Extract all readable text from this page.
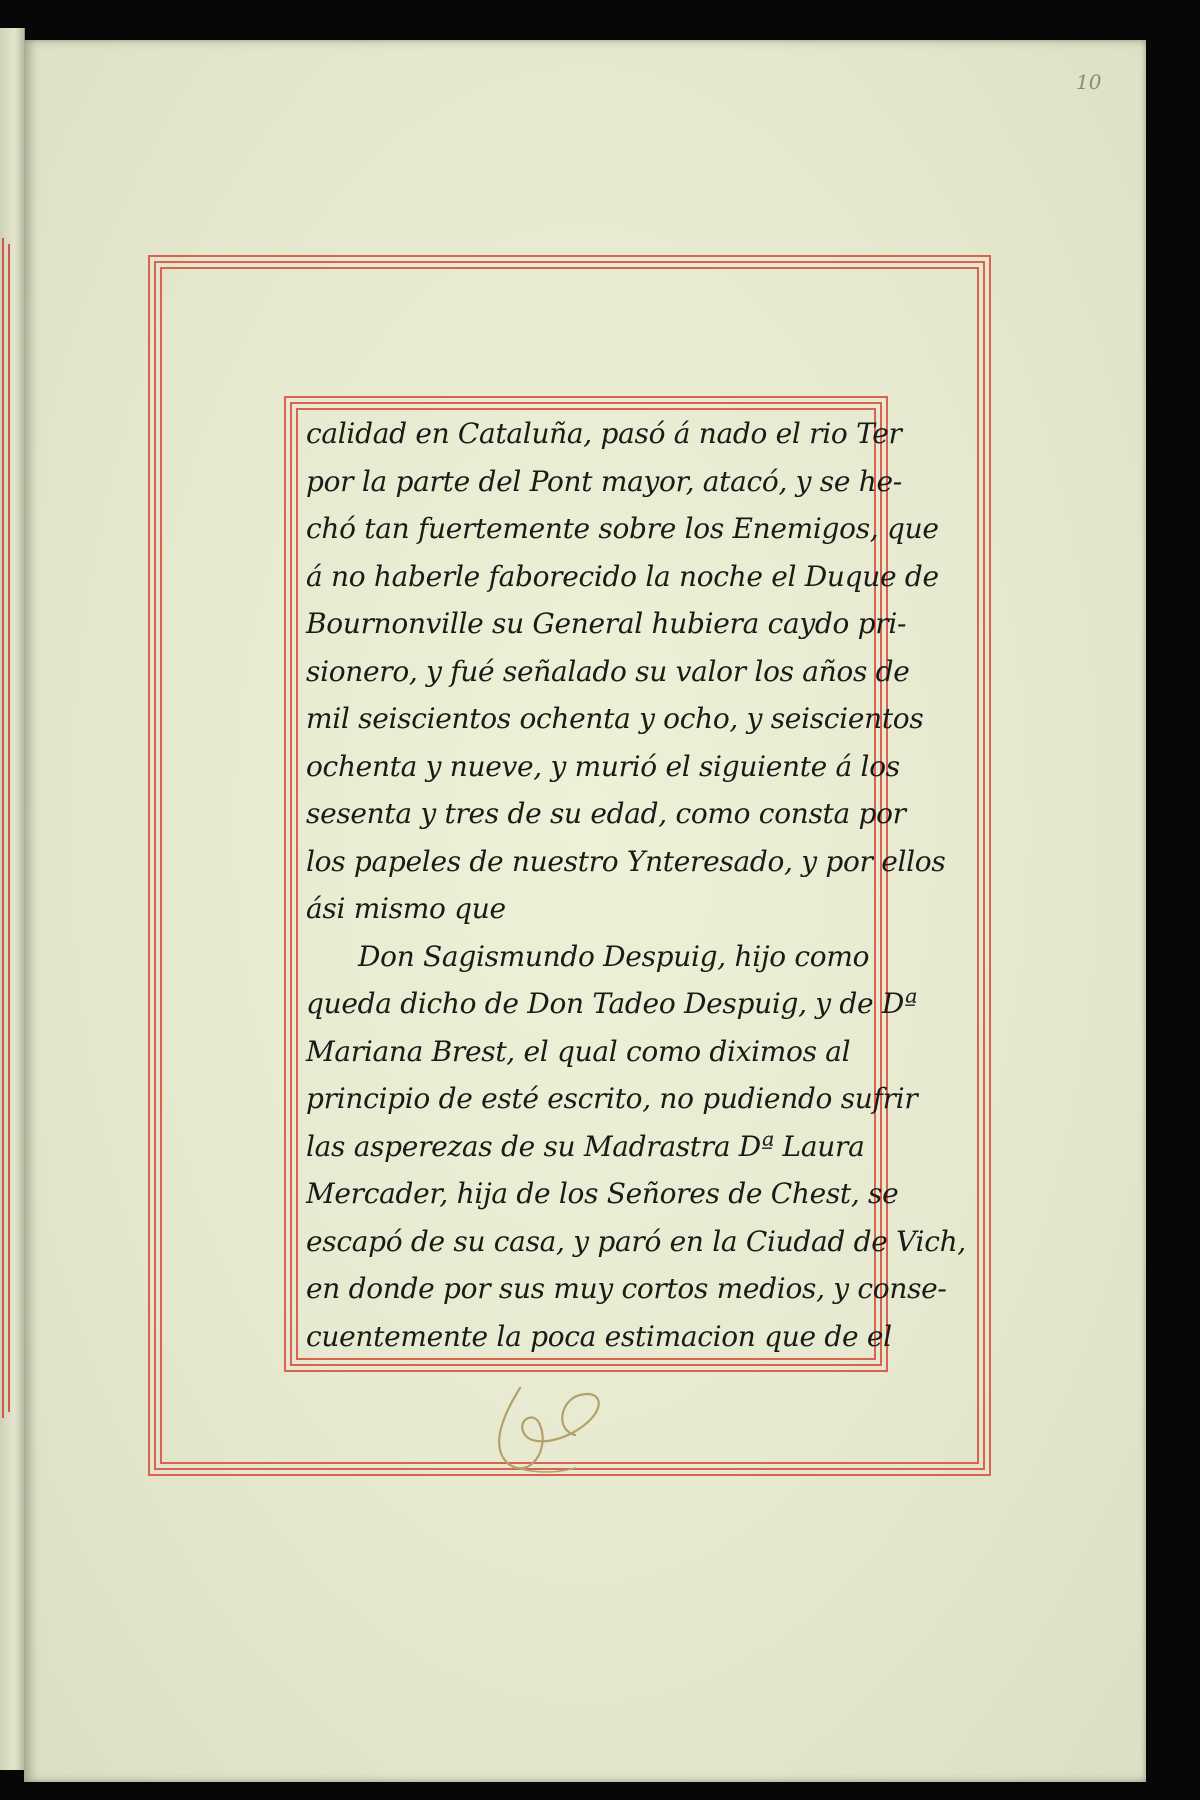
10
calidad en Cataluña, pasó á nado el rio Ter
por la parte del Pont mayor, atacó, y se he-
chó tan fuertemente sobre los Enemigos, que
á no haberle faborecido la noche el Duque de
Bournonville su General hubiera caydo pri-
sionero, y fué señalado su valor los años de
mil seiscientos ochenta y ocho, y seiscientos
ochenta y nueve, y murió el siguiente á los
sesenta y tres de su edad, como consta por
los papeles de nuestro Ynteresado, y por ellos
ási mismo que
Don Sagismundo Despuig, hijo como
queda dicho de Don Tadeo Despuig, y de Dª
Mariana Brest, el qual como diximos al
principio de esté escrito, no pudiendo sufrir
las asperezas de su Madrastra Dª Laura
Mercader, hija de los Señores de Chest, se
escapó de su casa, y paró en la Ciudad de Vich,
en donde por sus muy cortos medios, y conse-
cuentemente la poca estimacion que de el
